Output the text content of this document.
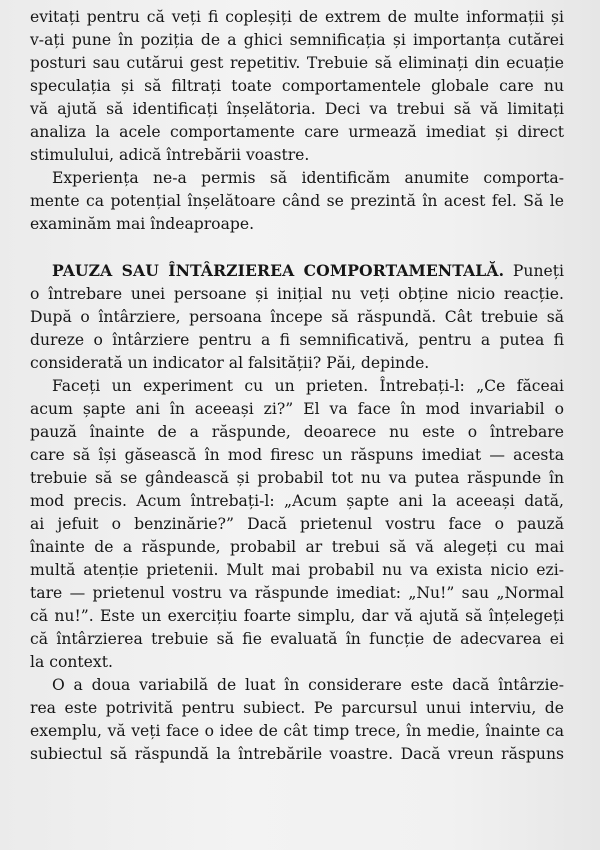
evitați pentru că veți fi copleșiți de extrem de multe informații și
v-ați pune în poziția de a ghici semnificația și importanța cutărei
posturi sau cutărui gest repetitiv. Trebuie să eliminați din ecuație
speculația și să filtrați toate comportamentele globale care nu
vă ajută să identificați înșelătoria. Deci va trebui să vă limitați
analiza la acele comportamente care urmează imediat și direct
stimulului, adică întrebării voastre.

Experiența ne-a permis să identificăm anumite comporta-
mente ca potențial înșelătoare când se prezintă în acest fel. Să le
examinăm mai îndeaproape.

PAUZA SAU ÎNTÂRZIEREA COMPORTAMENTALĂ. Puneți
o întrebare unei persoane și inițial nu veți obține nicio reacție.
După o întârziere, persoana începe să răspundă. Cât trebuie să
dureze o întârziere pentru a fi semnificativă, pentru a putea fi
considerată un indicator al falsității? Păi, depinde.

Faceți un experiment cu un prieten. Întrebați-l: „Ce făceai
acum șapte ani în aceeași zi?” El va face în mod invariabil o
pauză înainte de a răspunde, deoarece nu este o întrebare
care să își găsească în mod firesc un răspuns imediat — acesta
trebuie să se gândească și probabil tot nu va putea răspunde în
mod precis. Acum întrebați-l: „Acum șapte ani la aceeași dată,
ai jefuit o benzinărie?” Dacă prietenul vostru face o pauză
înainte de a răspunde, probabil ar trebui să vă alegeți cu mai
multă atenție prietenii. Mult mai probabil nu va exista nicio ezi-
tare — prietenul vostru va răspunde imediat: „Nu!” sau „Normal
că nu!”. Este un exercițiu foarte simplu, dar vă ajută să înțelegeți
că întârzierea trebuie să fie evaluată în funcție de adecvarea ei
la context.

O a doua variabilă de luat în considerare este dacă întârzie-
rea este potrivită pentru subiect. Pe parcursul unui interviu, de
exemplu, vă veți face o idee de cât timp trece, în medie, înainte ca
subiectul să răspundă la întrebările voastre. Dacă vreun răspuns
